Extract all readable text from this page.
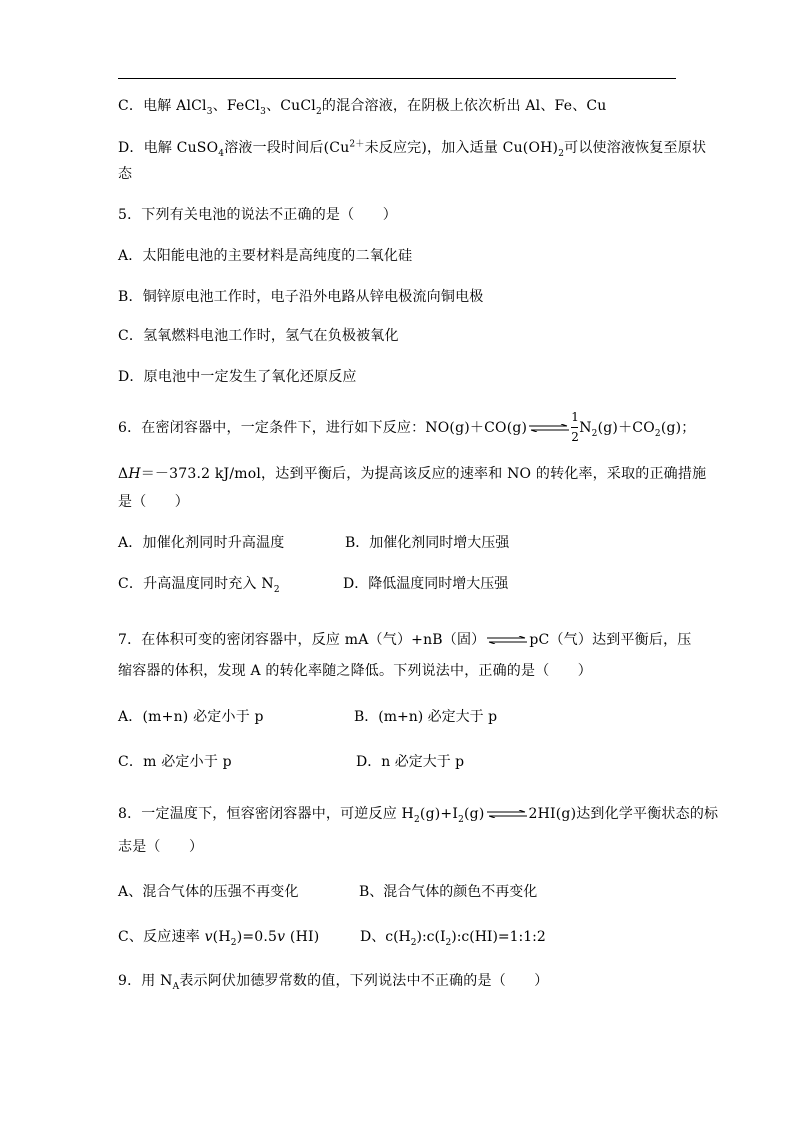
C．电解 AlCl$_3$、FeCl$_3$、CuCl$_2$的混合溶液，在阴极上依次析出 Al、Fe、Cu
D．电解 CuSO$_4$溶液一段时间后($Cu^{2+}$未反应完)，加入适量 $Cu(OH)_2$可以使溶液恢复至原状
态
5．下列有关电池的说法不正确的是（　　）
A．太阳能电池的主要材料是高纯度的二氧化硅
B．铜锌原电池工作时，电子沿外电路从锌电极流向铜电极
C．氢氧燃料电池工作时，氢气在负极被氧化
D．原电池中一定发生了氧化还原反应
6．在密闭容器中，一定条件下，进行如下反应：NO(g)＋CO(g)⇌ $\frac{1}{2} N_2(g)+CO_2(g)$；
ΔH＝－373.2 kJ/mol，达到平衡后，为提高该反应的速率和 NO 的转化率，采取的正确措施
是（　　）
A．加催化剂同时升高温度	B．加催化剂同时增大压强
C．升高温度同时充入 $N_2$	D．降低温度同时增大压强
7．在体积可变的密闭容器中，反应 mA（气）+nB（固）⇌pC（气）达到平衡后，压
缩容器的体积，发现 A 的转化率随之降低。下列说法中，正确的是（　　）
A．(m+n) 必定小于 p	B．(m+n) 必定大于 p
C．m 必定小于 p	D．n 必定大于 p
8．一定温度下，恒容密闭容器中，可逆反应 $H_2(g)+I_2(g)\rightleftharpoons 2HI(g)$达到化学平衡状态的标
志是（　　）
A、混合气体的压强不再变化	B、混合气体的颜色不再变化
C、反应速率 $v(H_2)=0.5v$ (HI)	D、$c(H_2):c(I_2):c(HI)=1:1:2$
9．用 $N_A$表示阿伏加德罗常数的值，下列说法中不正确的是（　　）
